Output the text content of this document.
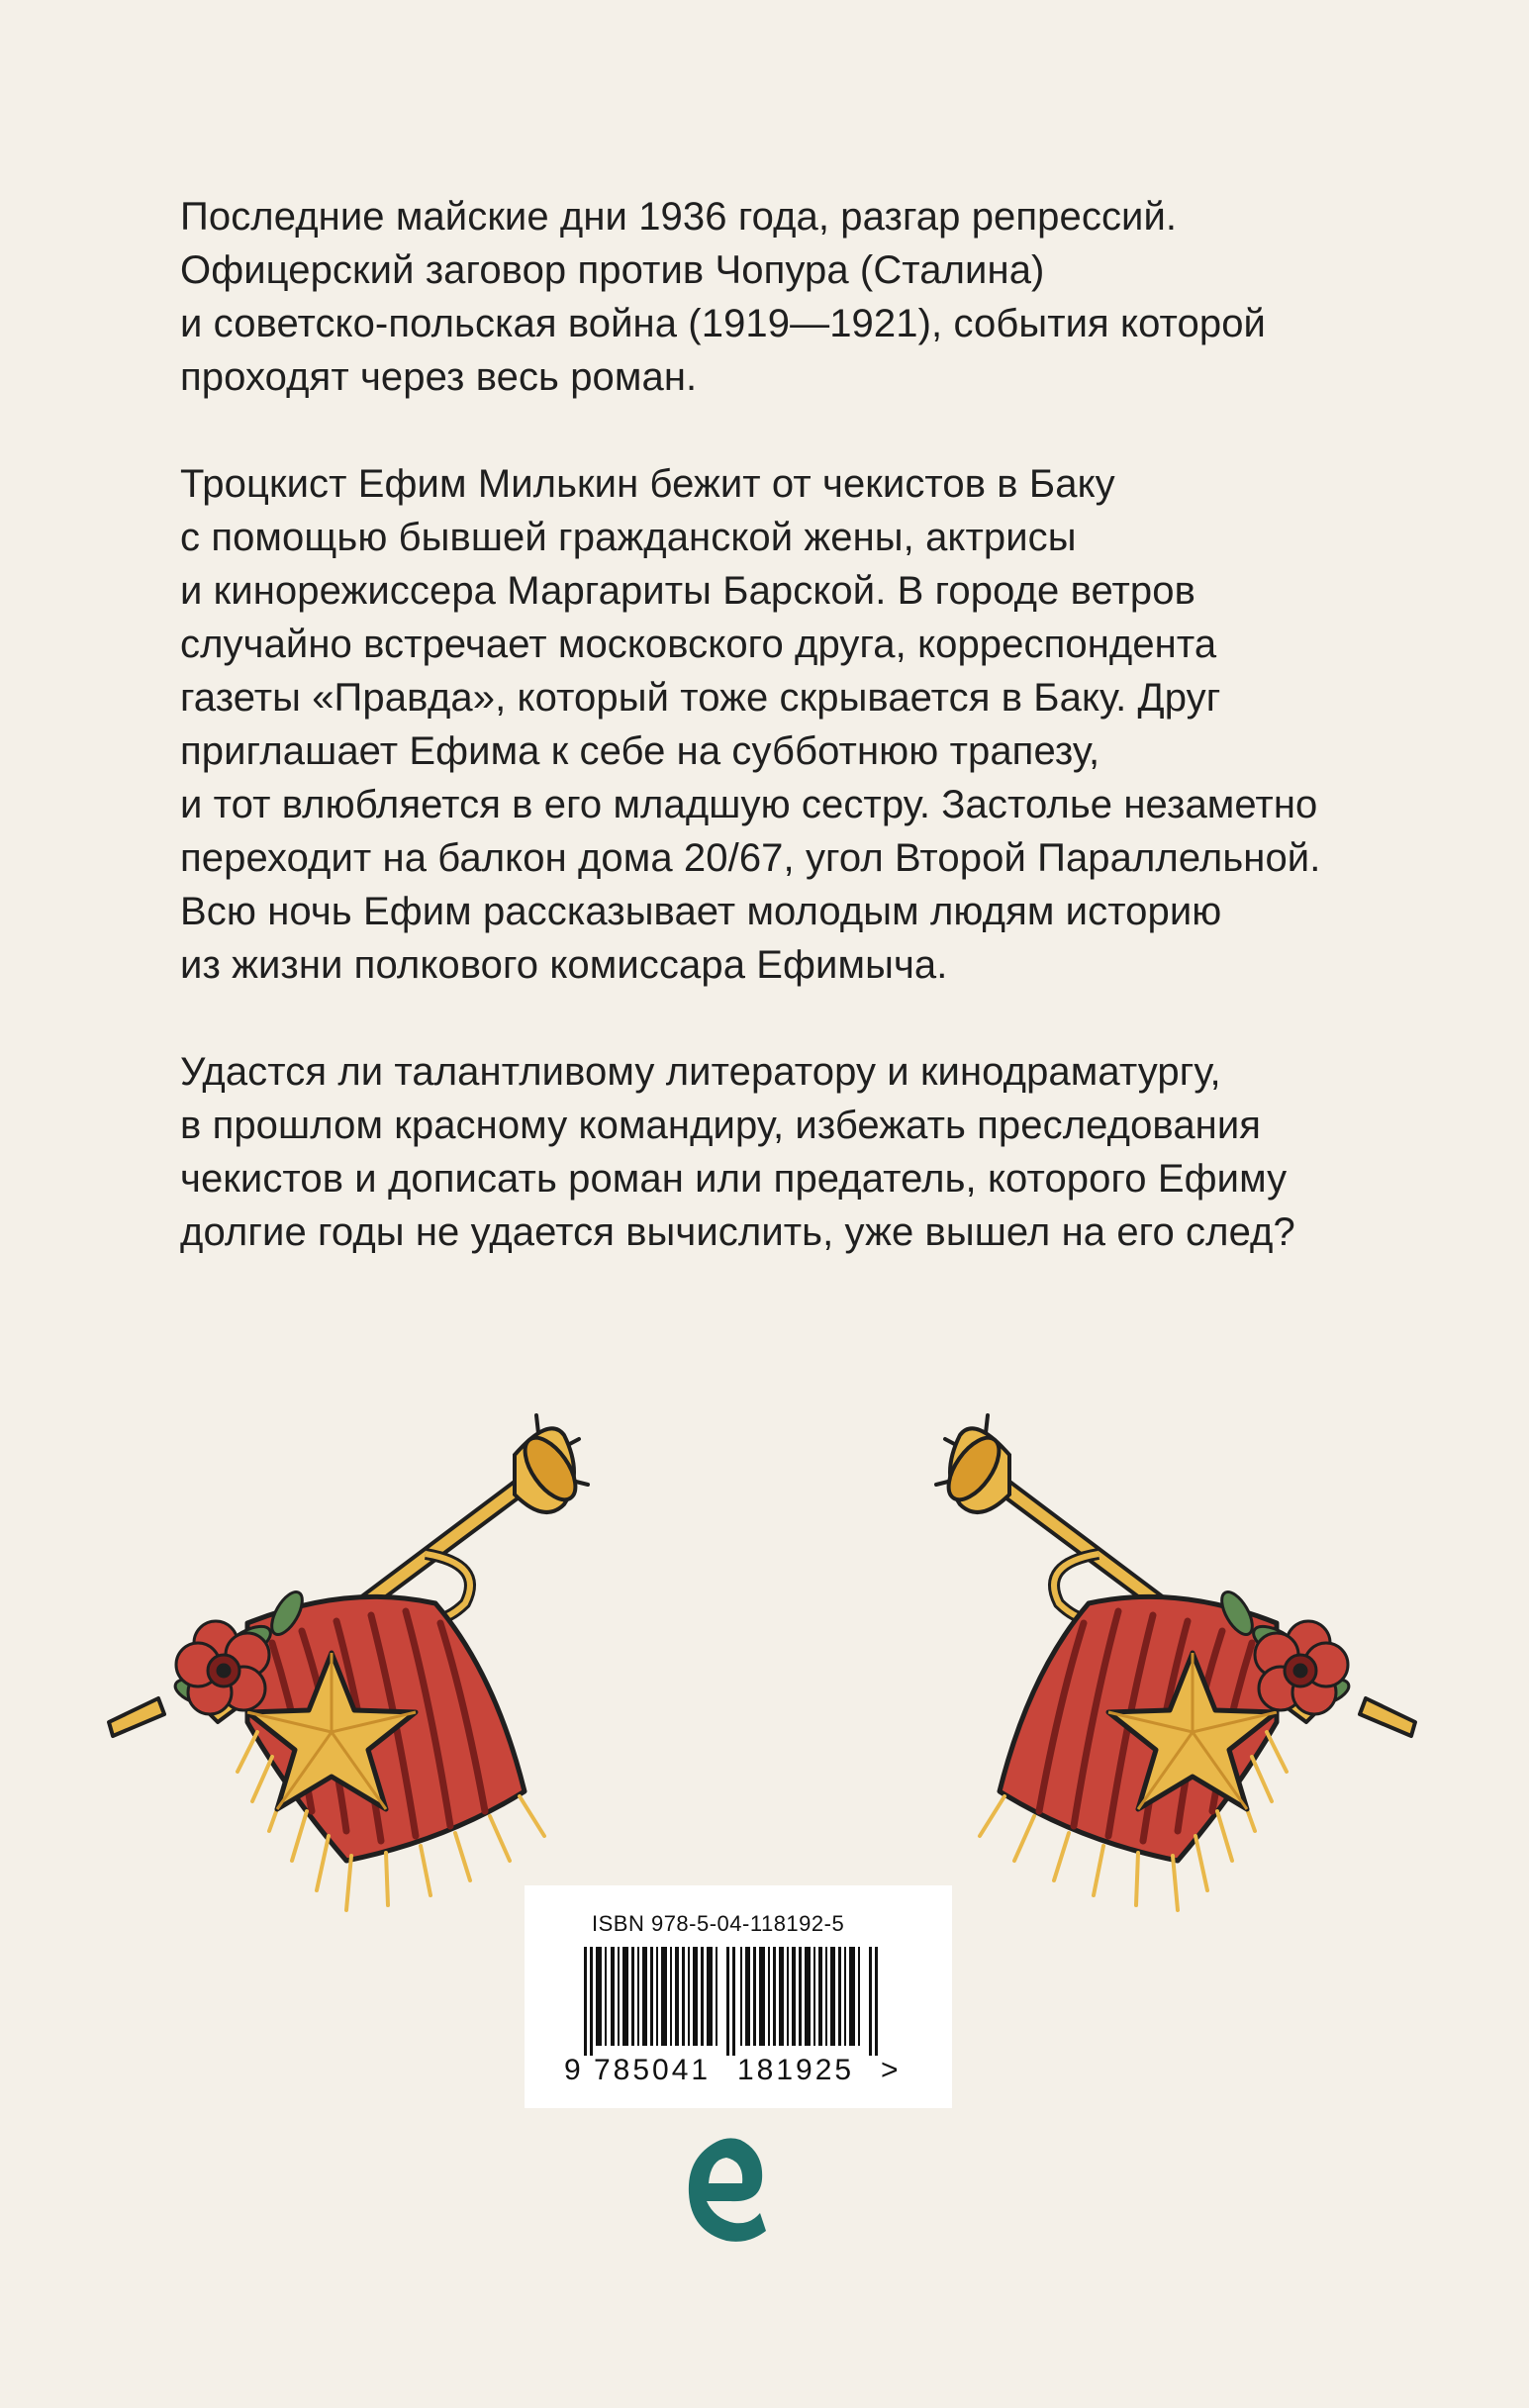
Последние майские дни 1936 года, разгар репрессий.
Офицерский заговор против Чопура (Сталина)
и советско-польская война (1919—1921), события которой
проходят через весь роман.
Троцкист Ефим Милькин бежит от чекистов в Баку
с помощью бывшей гражданской жены, актрисы
и кинорежиссера Маргариты Барской. В городе ветров
случайно встречает московского друга, корреспондента
газеты «Правда», который тоже скрывается в Баку. Друг
приглашает Ефима к себе на субботнюю трапезу,
и тот влюбляется в его младшую сестру. Застолье незаметно
переходит на балкон дома 20/67, угол Второй Параллельной.
Всю ночь Ефим рассказывает молодым людям историю
из жизни полкового комиссара Ефимыча.
Удастся ли талантливому литератору и кинодраматургу,
в прошлом красному командиру, избежать преследования
чекистов и дописать роман или предатель, которого Ефиму
долгие годы не удается вычислить, уже вышел на его след?
ISBN 978-5-04-118192-5
9 785041 181925 >
